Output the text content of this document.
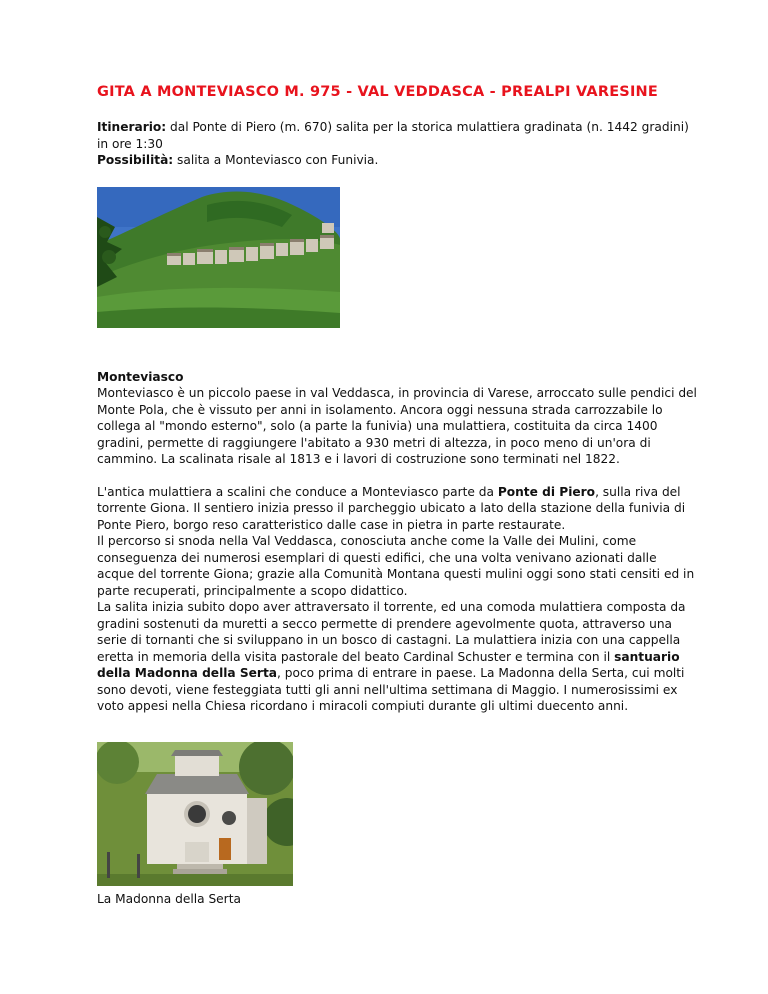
GITA A MONTEVIASCO M. 975 - VAL VEDDASCA - PREALPI VARESINE

Itinerario: dal Ponte di Piero (m. 670) salita per la storica mulattiera gradinata (n. 1442 gradini) in ore 1:30

Possibilità: salita a Monteviasco con Funivia.

Monteviasco

Monteviasco è un piccolo paese in val Veddasca, in provincia di Varese, arroccato sulle pendici del Monte Pola, che è vissuto per anni in isolamento. Ancora oggi nessuna strada carrozzabile lo collega al "mondo esterno", solo (a parte la funivia) una mulattiera, costituita da circa 1400 gradini, permette di raggiungere l'abitato a 930 metri di altezza, in poco meno di un'ora di cammino. La scalinata risale al 1813 e i lavori di costruzione sono terminati nel 1822.

L'antica mulattiera a scalini che conduce a Monteviasco parte da Ponte di Piero, sulla riva del torrente Giona. Il sentiero inizia presso il parcheggio ubicato a lato della stazione della funivia di Ponte Piero, borgo reso caratteristico dalle case in pietra in parte restaurate.
Il percorso si snoda nella Val Veddasca, conosciuta anche come la Valle dei Mulini, come conseguenza dei numerosi esemplari di questi edifici, che una volta venivano azionati dalle acque del torrente Giona; grazie alla Comunità Montana questi mulini oggi sono stati censiti ed in parte recuperati, principalmente a scopo didattico.
La salita inizia subito dopo aver attraversato il torrente, ed una comoda mulattiera composta da gradini sostenuti da muretti a secco permette di prendere agevolmente quota, attraverso una serie di tornanti che si sviluppano in un bosco di castagni. La mulattiera inizia con una cappella eretta in memoria della visita pastorale del beato Cardinal Schuster e termina con il santuario della Madonna della Serta, poco prima di entrare in paese. La Madonna della Serta, cui molti sono devoti, viene festeggiata tutti gli anni nell'ultima settimana di Maggio. I numerosissimi ex voto appesi nella Chiesa ricordano i miracoli compiuti durante gli ultimi duecento anni.

La Madonna della Serta
